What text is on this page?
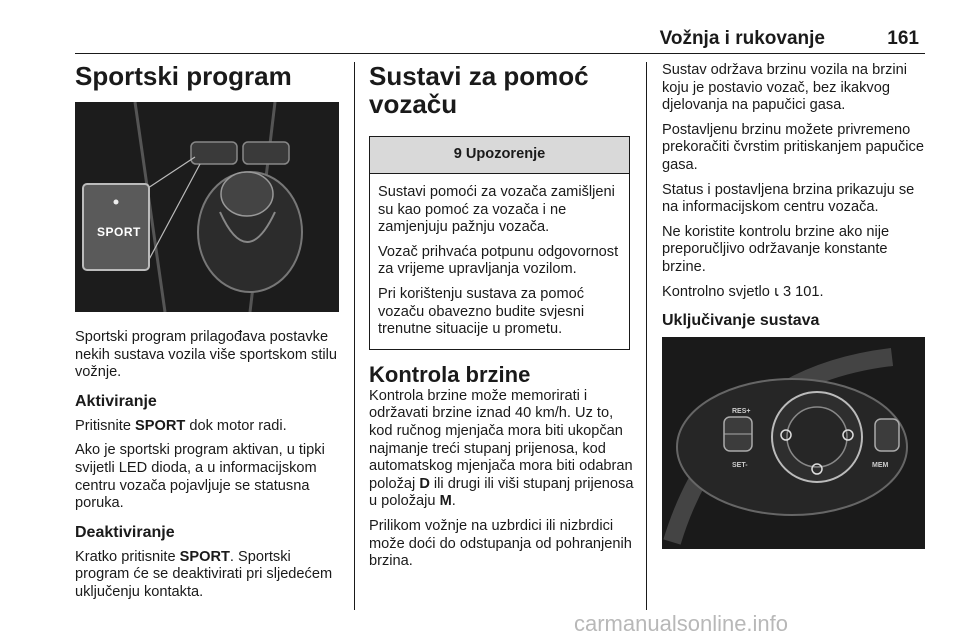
Vožnja i rukovanje	161
Sportski program
SPORT

Sportski program prilagođava postavke nekih sustava vozila više sportskom stilu vožnje.

Aktiviranje

Pritisnite SPORT dok motor radi.

Ako je sportski program aktivan, u tipki svijetli LED dioda, a u informacijskom centru vozača pojavljuje se statusna poruka.

Deaktiviranje

Kratko pritisnite SPORT. Sportski program će se deaktivirati pri sljedećem uključenju kontakta.

Sustavi za pomoć vozaču
9 Upozorenje

Sustavi pomoći za vozača zamišljeni su kao pomoć za vozača i ne zamjenjuju pažnju vozača.

Vozač prihvaća potpunu odgovornost za vrijeme upravljanja vozilom.

Pri korištenju sustava za pomoć vozaču obavezno budite svjesni trenutne situacije u prometu.

Kontrola brzine

Kontrola brzine može memorirati i održavati brzine iznad 40 km/h. Uz to, kod ručnog mjenjača mora biti ukopčan najmanje treći stupanj prijenosa, kod automatskog mjenjača mora biti odabran položaj D ili drugi ili viši stupanj prijenosa u položaju M.

Prilikom vožnje na uzbrdici ili nizbrdici može doći do odstupanja od pohranjenih brzina.

Sustav održava brzinu vozila na brzini koju je postavio vozač, bez ikakvog djelovanja na papučici gasa.

Postavljenu brzinu možete privremeno prekoračiti čvrstim pritiskanjem papučice gasa.

Status i postavljena brzina prikazuju se na informacijskom centru vozača.

Ne koristite kontrolu brzine ako nije preporučljivo održavanje konstante brzine.

Kontrolno svjetlo ⍳ 3 101.

Uključivanje sustava
RES+
SET-	MEM
carmanualsonline.info
